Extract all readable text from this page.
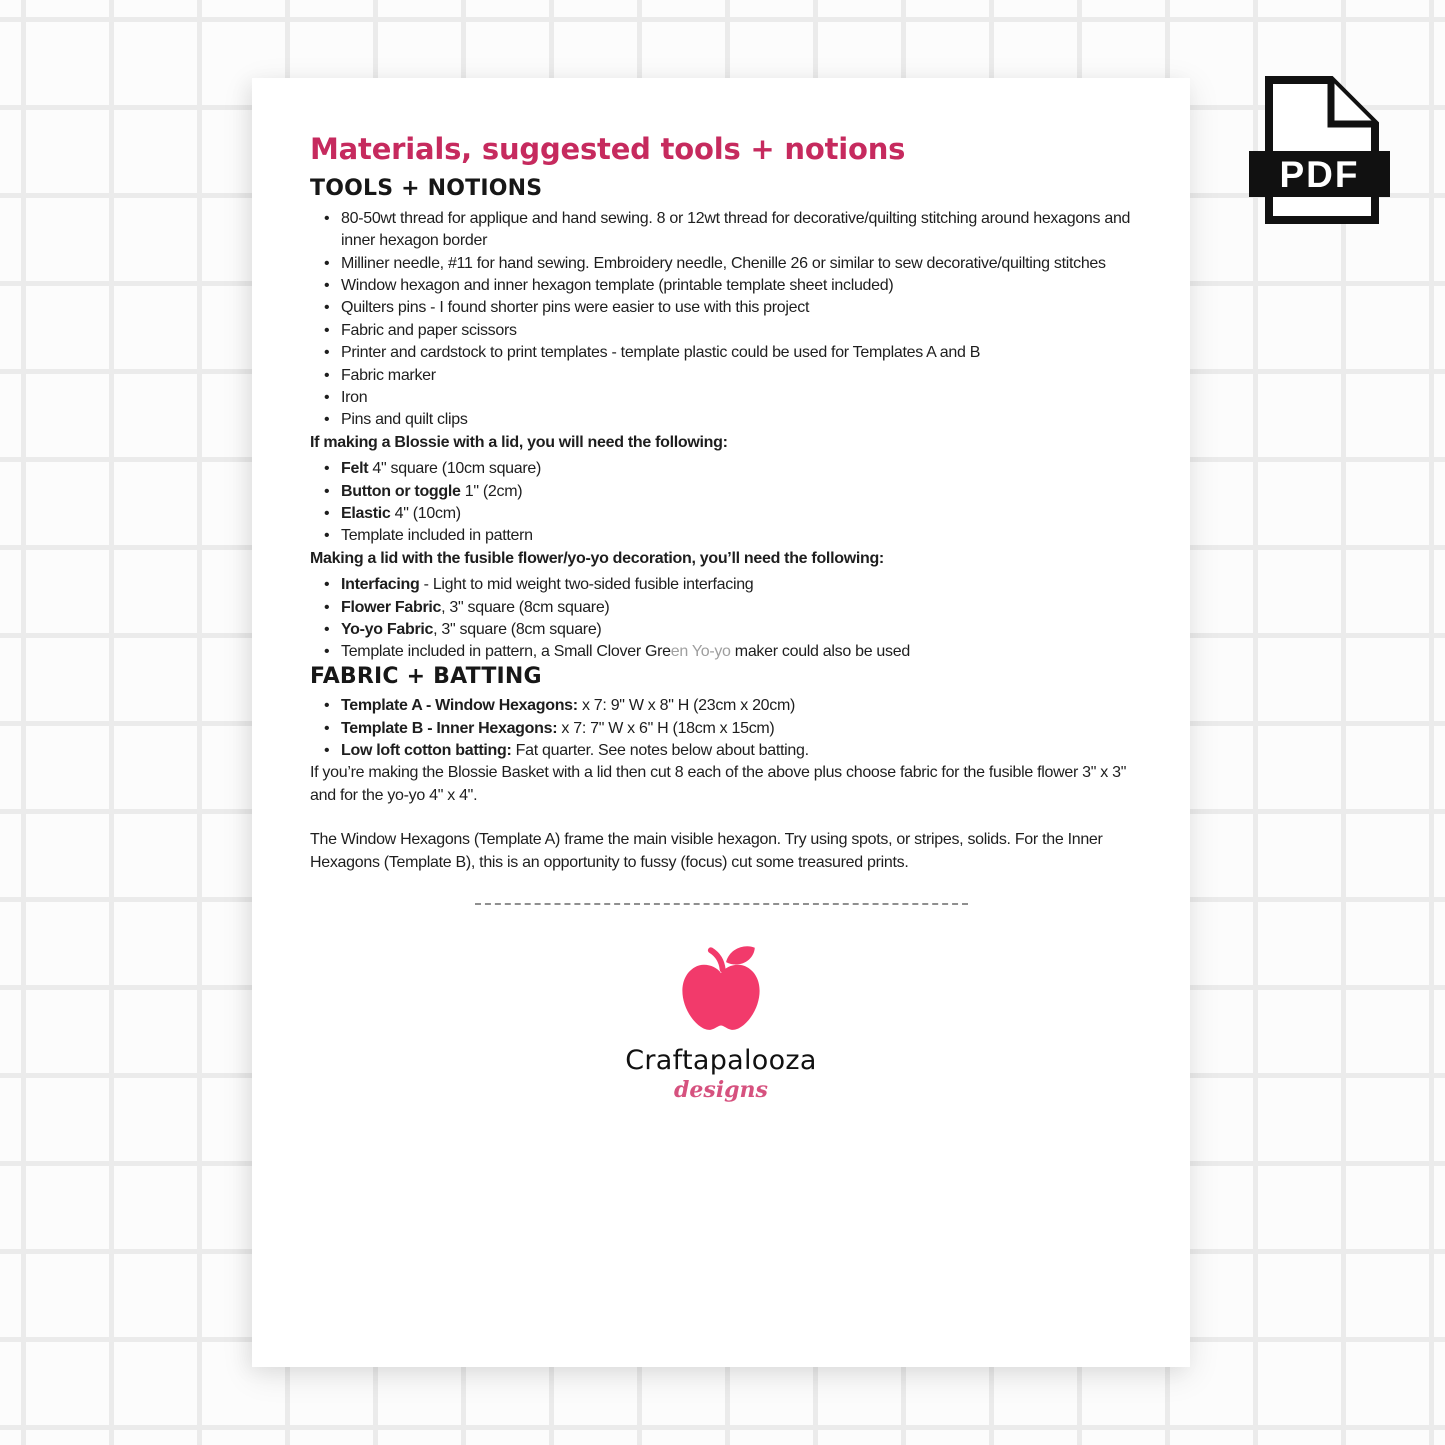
Materials, suggested tools + notions
TOOLS + NOTIONS
• 80-50wt thread for applique and hand sewing. 8 or 12wt thread for decorative/quilting stitching around hexagons and inner hexagon border
• Milliner needle, #11 for hand sewing. Embroidery needle, Chenille 26 or similar to sew decorative/quilting stitches
• Window hexagon and inner hexagon template (printable template sheet included)
• Quilters pins - I found shorter pins were easier to use with this project
• Fabric and paper scissors
• Printer and cardstock to print templates - template plastic could be used for Templates A and B
• Fabric marker
• Iron
• Pins and quilt clips

If making a Blossie with a lid, you will need the following:

• Felt 4" square (10cm square)
• Button or toggle 1" (2cm)
• Elastic 4" (10cm)
• Template included in pattern

Making a lid with the fusible flower/yo-yo decoration, you’ll need the following:

• Interfacing - Light to mid weight two-sided fusible interfacing
• Flower Fabric, 3" square (8cm square)
• Yo-yo Fabric, 3" square (8cm square)
• Template included in pattern, a Small Clover Green Yo-yo maker could also be used
FABRIC + BATTING
• Template A - Window Hexagons: x 7: 9" W x 8" H (23cm x 20cm)
• Template B - Inner Hexagons: x 7: 7" W x 6" H (18cm x 15cm)
• Low loft cotton batting: Fat quarter. See notes below about batting.

If you’re making the Blossie Basket with a lid then cut 8 each of the above plus choose fabric for the fusible flower 3" x 3" and for the yo-yo 4" x 4".

The Window Hexagons (Template A) frame the main visible hexagon. Try using spots, or stripes, solids. For the Inner Hexagons (Template B), this is an opportunity to fussy (focus) cut some treasured prints.

Craftapalooza
designs
PDF
